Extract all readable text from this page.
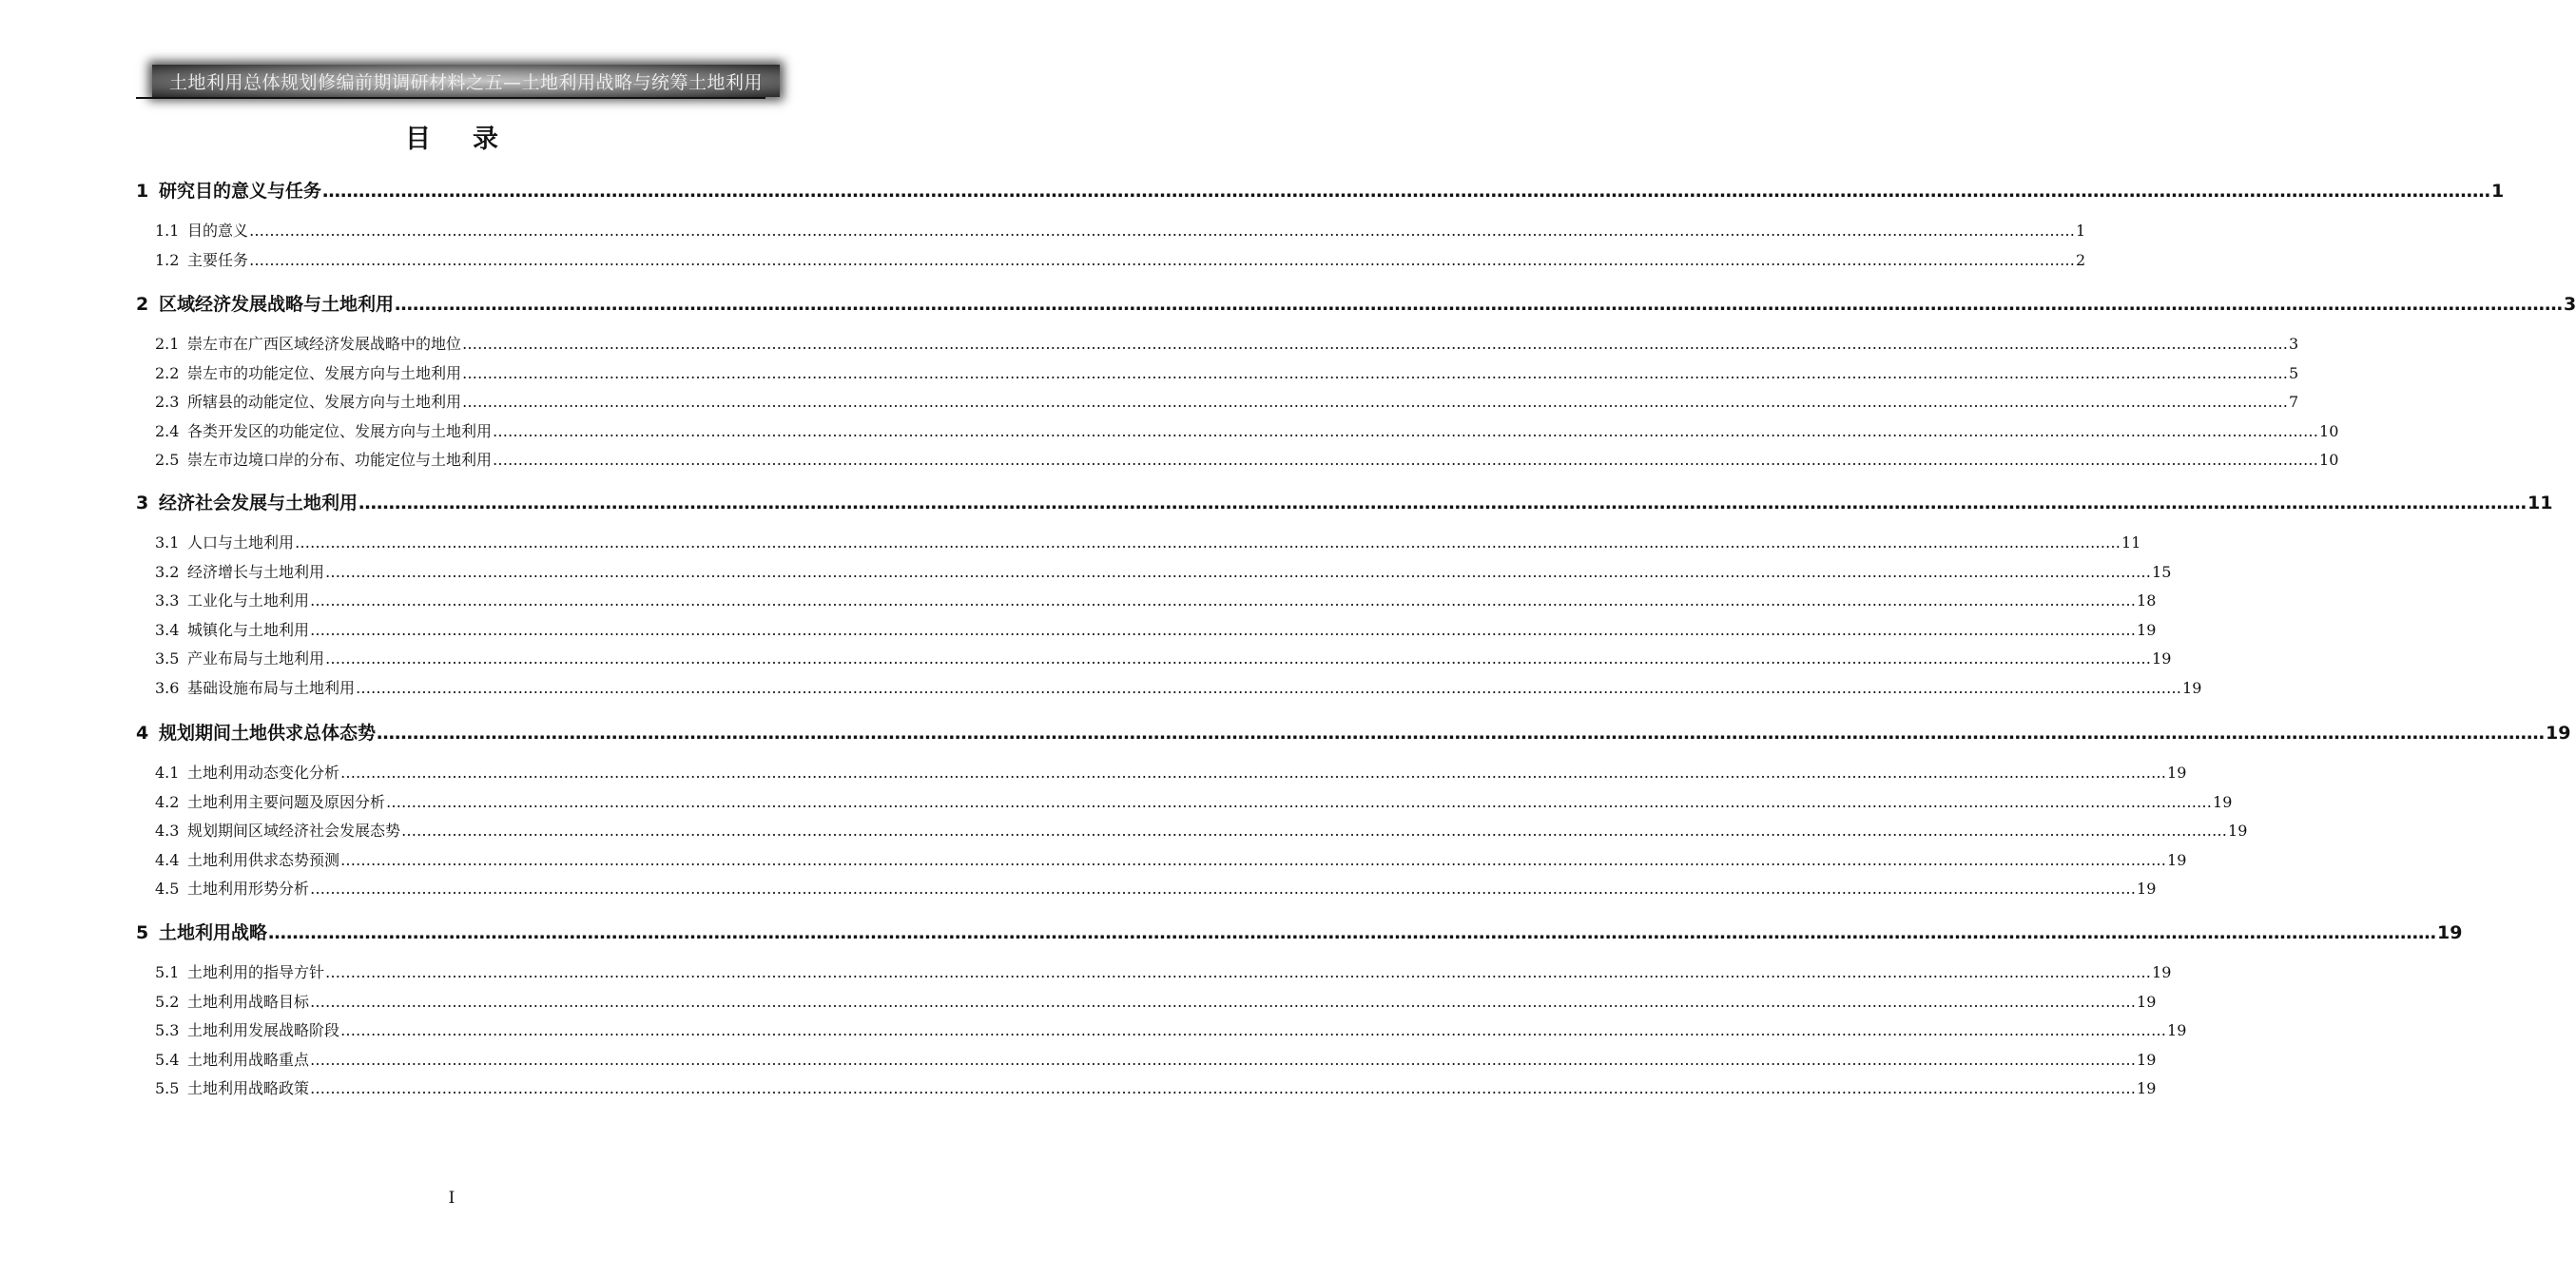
土地利用总体规划修编前期调研材料之五—土地利用战略与统筹土地利用
目录
1 研究目的意义与任务 ……………………………………………………………………………………………………………………………………………………………………………………………………………………………………………………………………………………………………………………………… 1
1.1 目的意义 ……………………………………………………………………………………………………………………………………………………………………………………………………………………………………………………………………………………………………………………………… 1
1.2 主要任务 ……………………………………………………………………………………………………………………………………………………………………………………………………………………………………………………………………………………………………………………………… 2
2 区域经济发展战略与土地利用 ……………………………………………………………………………………………………………………………………………………………………………………………………………………………………………………………………………………………………………………………… 3
2.1 崇左市在广西区域经济发展战略中的地位 ……………………………………………………………………………………………………………………………………………………………………………………………………………………………………………………………………………………………………………………………… 3
2.2 崇左市的功能定位、发展方向与土地利用 ……………………………………………………………………………………………………………………………………………………………………………………………………………………………………………………………………………………………………………………………… 5
2.3 所辖县的动能定位、发展方向与土地利用 ……………………………………………………………………………………………………………………………………………………………………………………………………………………………………………………………………………………………………………………………… 7
2.4 各类开发区的功能定位、发展方向与土地利用 ……………………………………………………………………………………………………………………………………………………………………………………………………………………………………………………………………………………………………………………………… 10
2.5 崇左市边境口岸的分布、功能定位与土地利用 ……………………………………………………………………………………………………………………………………………………………………………………………………………………………………………………………………………………………………………………………… 10
3 经济社会发展与土地利用 ……………………………………………………………………………………………………………………………………………………………………………………………………………………………………………………………………………………………………………………………… 11
3.1 人口与土地利用 ……………………………………………………………………………………………………………………………………………………………………………………………………………………………………………………………………………………………………………………………… 11
3.2 经济增长与土地利用 ……………………………………………………………………………………………………………………………………………………………………………………………………………………………………………………………………………………………………………………………… 15
3.3 工业化与土地利用 ……………………………………………………………………………………………………………………………………………………………………………………………………………………………………………………………………………………………………………………………… 18
3.4 城镇化与土地利用 ……………………………………………………………………………………………………………………………………………………………………………………………………………………………………………………………………………………………………………………………… 19
3.5 产业布局与土地利用 ……………………………………………………………………………………………………………………………………………………………………………………………………………………………………………………………………………………………………………………………… 19
3.6 基础设施布局与土地利用 ……………………………………………………………………………………………………………………………………………………………………………………………………………………………………………………………………………………………………………………………… 19
4 规划期间土地供求总体态势 ……………………………………………………………………………………………………………………………………………………………………………………………………………………………………………………………………………………………………………………………… 19
4.1 土地利用动态变化分析 ……………………………………………………………………………………………………………………………………………………………………………………………………………………………………………………………………………………………………………………………… 19
4.2 土地利用主要问题及原因分析 ……………………………………………………………………………………………………………………………………………………………………………………………………………………………………………………………………………………………………………………………… 19
4.3 规划期间区域经济社会发展态势 ……………………………………………………………………………………………………………………………………………………………………………………………………………………………………………………………………………………………………………………………… 19
4.4 土地利用供求态势预测 ……………………………………………………………………………………………………………………………………………………………………………………………………………………………………………………………………………………………………………………………… 19
4.5 土地利用形势分析 ……………………………………………………………………………………………………………………………………………………………………………………………………………………………………………………………………………………………………………………………… 19
5 土地利用战略 ……………………………………………………………………………………………………………………………………………………………………………………………………………………………………………………………………………………………………………………………… 19
5.1 土地利用的指导方针 ……………………………………………………………………………………………………………………………………………………………………………………………………………………………………………………………………………………………………………………………… 19
5.2 土地利用战略目标 ……………………………………………………………………………………………………………………………………………………………………………………………………………………………………………………………………………………………………………………………… 19
5.3 土地利用发展战略阶段 ……………………………………………………………………………………………………………………………………………………………………………………………………………………………………………………………………………………………………………………………… 19
5.4 土地利用战略重点 ……………………………………………………………………………………………………………………………………………………………………………………………………………………………………………………………………………………………………………………………… 19
5.5 土地利用战略政策 ……………………………………………………………………………………………………………………………………………………………………………………………………………………………………………………………………………………………………………………………… 19
I
